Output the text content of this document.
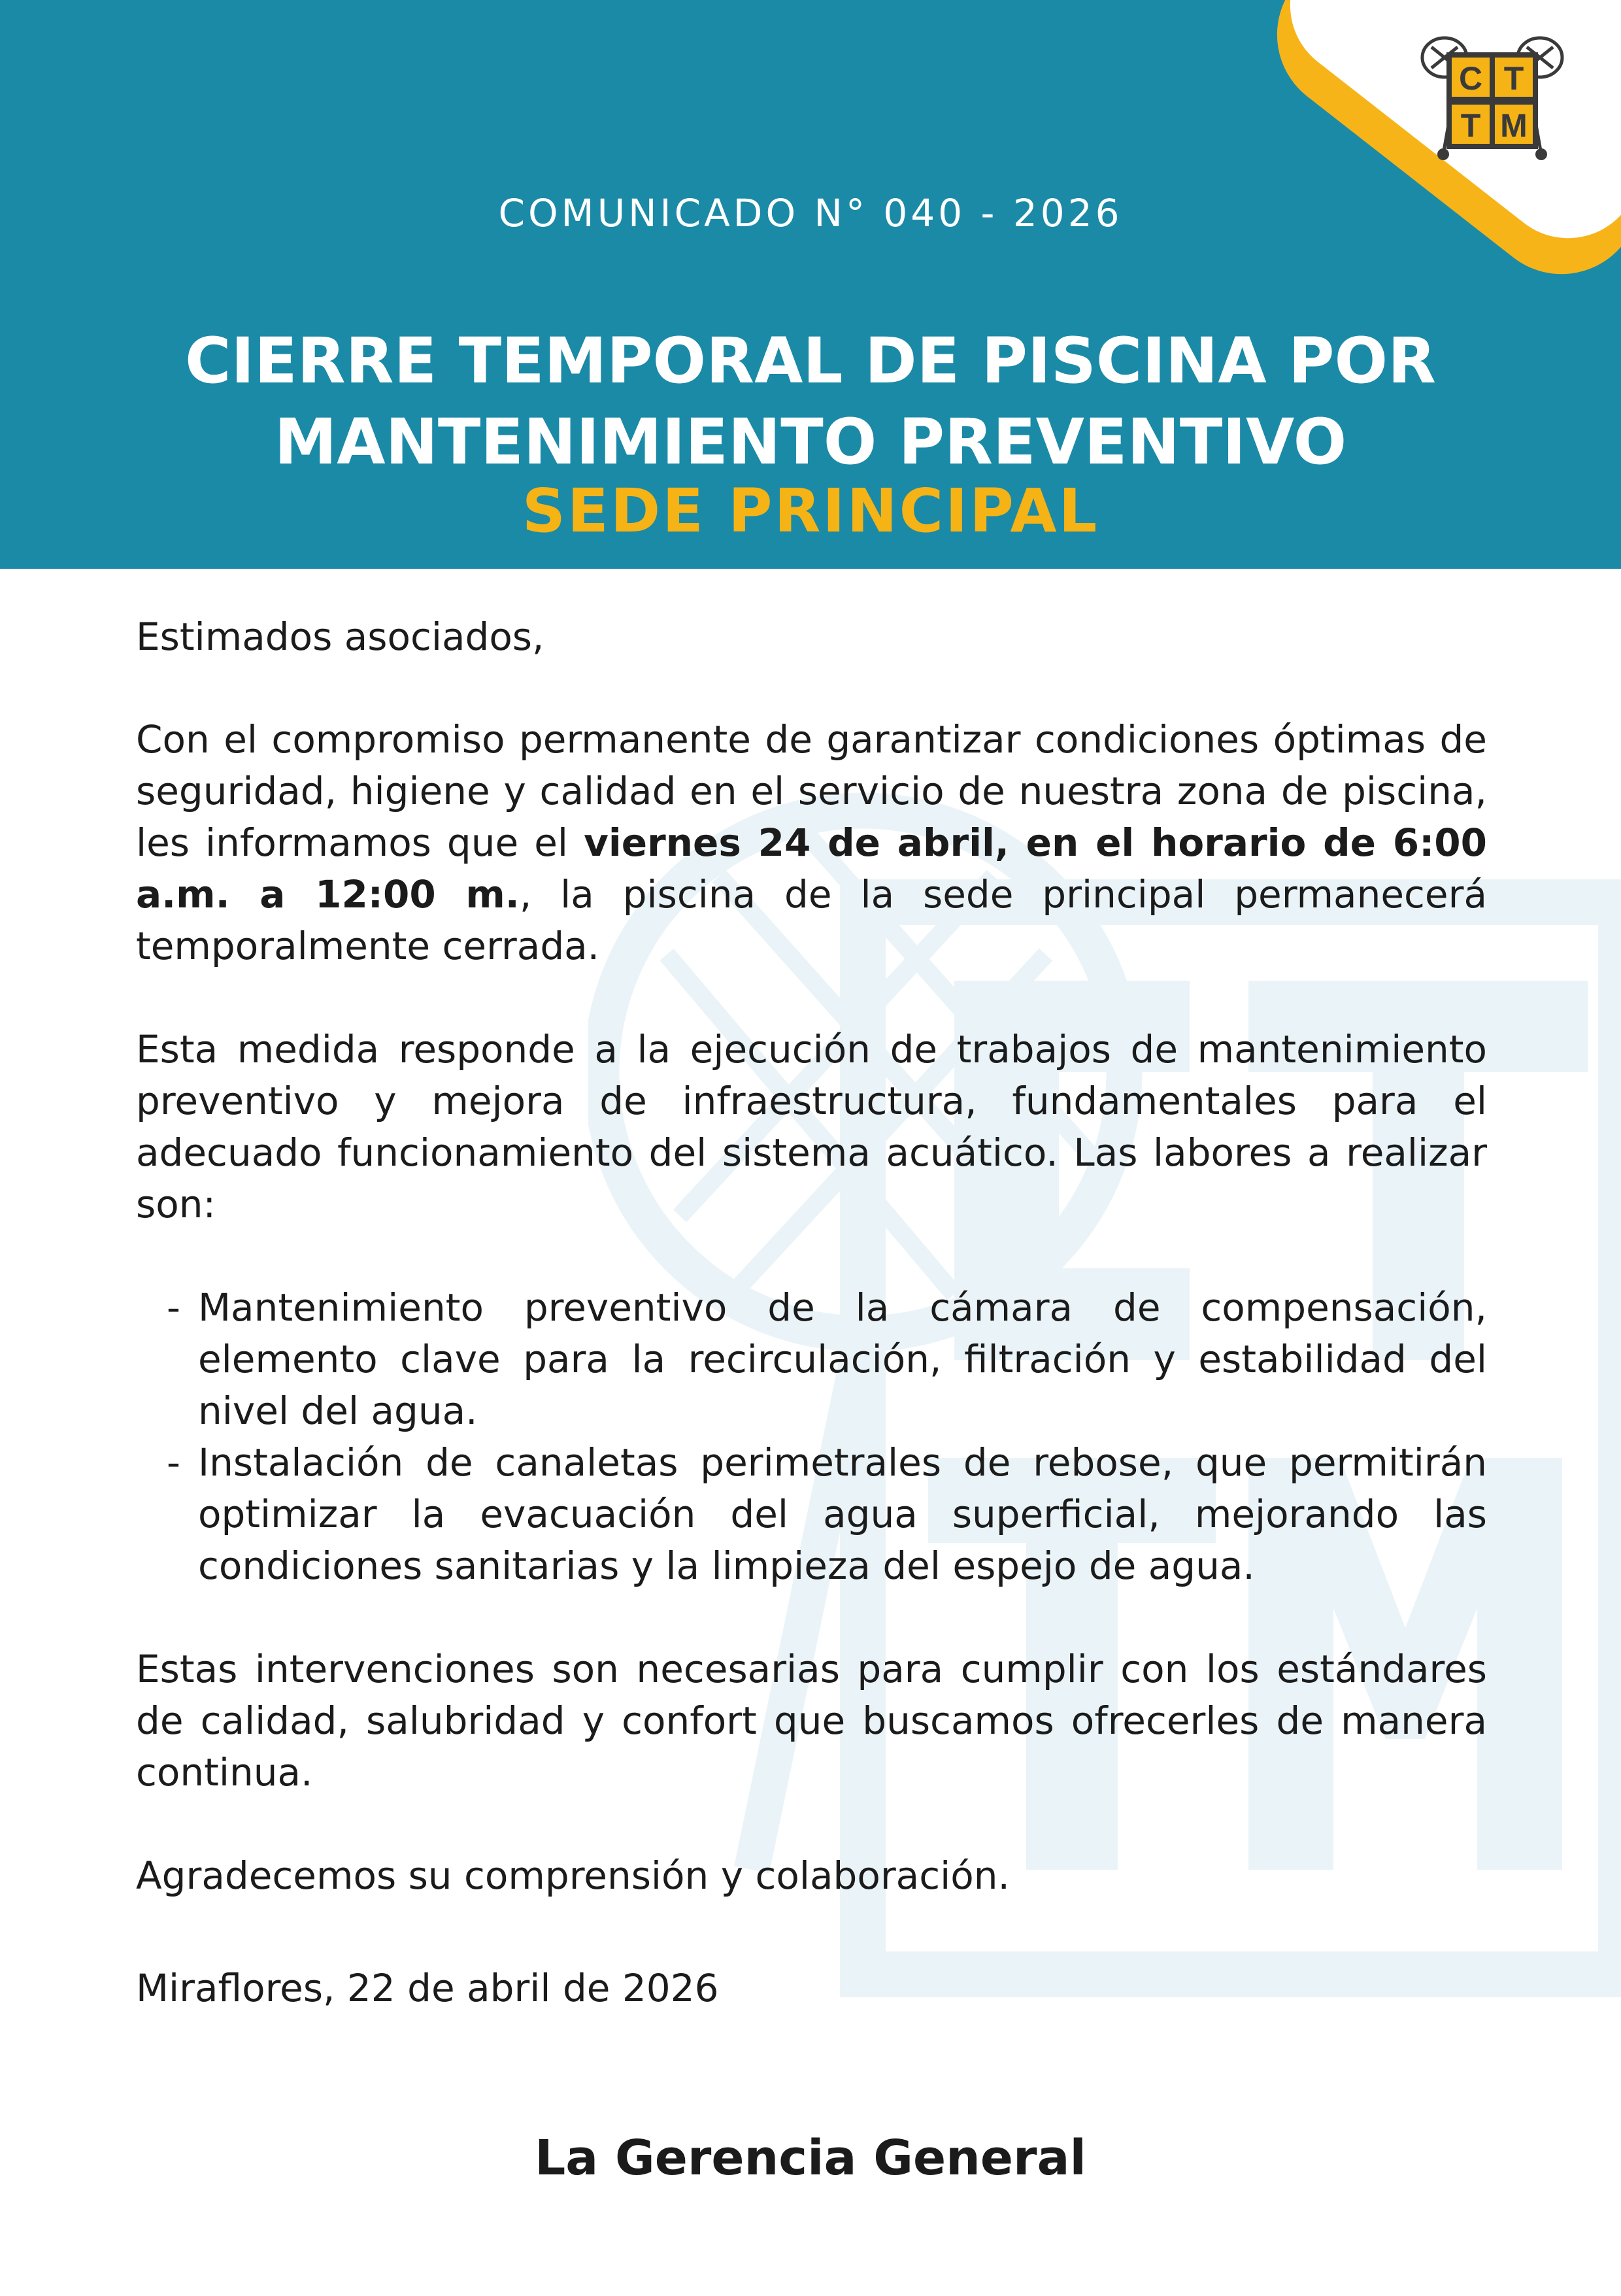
C T
T M
COMUNICADO N° 040 - 2026
CIERRE TEMPORAL DE PISCINA POR
MANTENIMIENTO PREVENTIVO
SEDE PRINCIPAL

Estimados asociados,

Con el compromiso permanente de garantizar condiciones óptimas de seguridad, higiene y calidad en el servicio de nuestra zona de piscina, les informamos que el viernes 24 de abril, en el horario de 6:00 a.m. a 12:00 m., la piscina de la sede principal permanecerá temporalmente cerrada.

Esta medida responde a la ejecución de trabajos de mantenimiento preventivo y mejora de infraestructura, fundamentales para el adecuado funcionamiento del sistema acuático. Las labores a realizar son:

- Mantenimiento preventivo de la cámara de compensación, elemento clave para la recirculación, filtración y estabilidad del nivel del agua.
- Instalación de canaletas perimetrales de rebose, que permitirán optimizar la evacuación del agua superficial, mejorando las condiciones sanitarias y la limpieza del espejo de agua.

Estas intervenciones son necesarias para cumplir con los estándares de calidad, salubridad y confort que buscamos ofrecerles de manera continua.

Agradecemos su comprensión y colaboración.

Miraflores, 22 de abril de 2026

La Gerencia General
